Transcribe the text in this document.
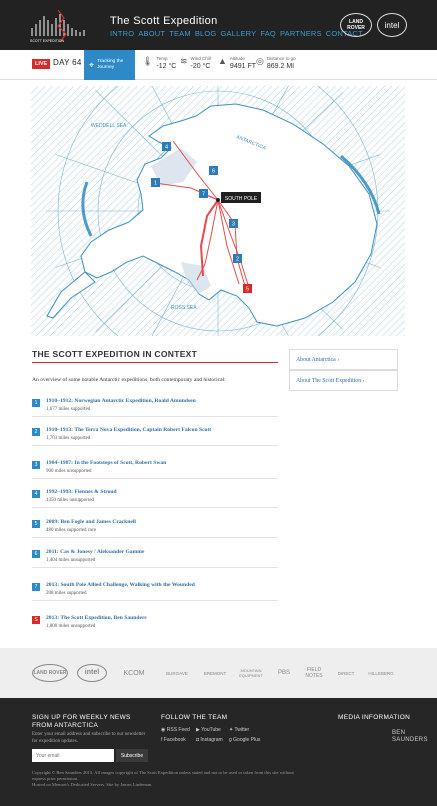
SCOTT EXPEDITION
The Scott Expedition
INTRO ABOUT TEAM BLOG GALLERY FAQ PARTNERS CONTACT
LAND ROVER	intel
LIVE DAY 64 ⌖ Tracking the Journey
🌡 Temp
-12 °C
≋ Wind Chill
-20 °C
▲ Altitude
9491 FT
◎ Distance to go
869.2 MI
SOUTH POLE
WEDDELL SEA
ANTARCTICA
ROSS SEA
4
6
1
7
3
2
5
THE SCOTT EXPEDITION IN CONTEXT

An overview of some notable Antarctic expeditions, both contemporary and historical:

1	1910–1912: Norwegian Antarctic Expedition, Roald Amundsen
1,677 miles supported
2	1910–1913: The Terra Nova Expedition, Captain Robert Falcon Scott
1,703 miles supported
3	1984–1987: In the Footsteps of Scott, Robert Swan
900 miles unsupported
4	1992–1993: Fiennes & Stroud
1350 miles unsupported
5	2009: Ben Fogle and James Cracknell
480 miles supported race
6	2011: Cas & Jonesy / Aleksander Gamme
1,404 miles unsupported
7	2013: South Pole Allied Challenge, Walking with the Wounded
208 miles supported
S	2013: The Scott Expedition, Ben Saunders
1,800 miles unsupported
About Antarctica ›
About The Scott Expedition ›
LAND ROVER	intel	KCOM	BURGAVE	BREMONT	MOUNTAIN EQUIPMENT	PBS	FIELD NOTES	DIRECT	HILLEBERG
SIGN UP FOR WEEKLY NEWS FROM ANTARCTICA
Enter your email address and subscribe to our newsletter for expedition updates.
Your email
Subscribe
FOLLOW THE TEAM
◉ RSS Feed ▶ YouTube ✦ Twitter
f Facebook ◘ Instagram g Google Plus
MEDIA INFORMATION
BEN SAUNDERS
Copyright © Ben Saunders 2013. All images copyright of The Scott Expedition unless stated and not to be used or taken from this site without express prior permission.
Hosted on Memset's Dedicated Servers. Site by James Lindeman.
